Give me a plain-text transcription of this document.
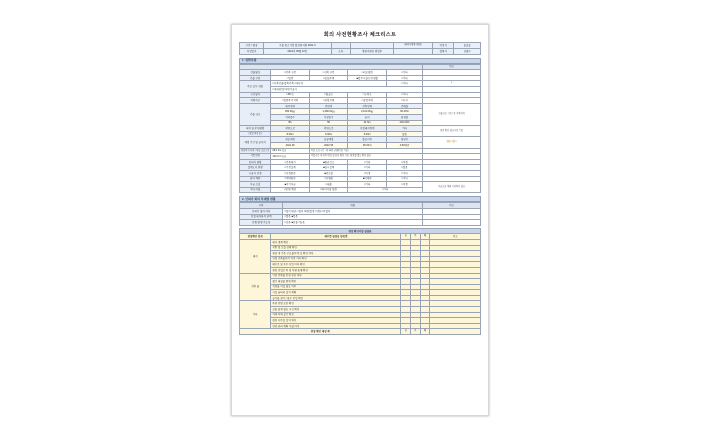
회의 사전현황조사 체크리스트
구분 / 명칭	수출 중소기업 활성화지원 2021-3			대외비/경영지원팀	작성자	홍길동
작성일자	2021년 05월 10일	소속	경영지원팀 영업부		결재자	김철수
1. 일반사항
					비고
건물명칭	□건축 구분	□신축 구분	□리모델링	□기타	
건물 구분	□일반	□공동주택	■업무시설/근린생활	□기타	
주요 공사 내용	□신축건물/증축건축 □대수선			□기타	2
	□내외장/설비/전기공사				
구조형식	□RC조	□철골조	□조적조	□기타	
지역지구	□일반주거지역	□상업지역	□공업지역	□녹지	
건물 규모	대지면적	연면적	건축면적	건폐율	건물규모 기준 1층 건축면적
	450.00㎡	1,280.00㎡	2,100.00㎡	60.00%	
	지하층수	지상층수	높이	용적률	
	B1	5F	21.5m	240.00%	
대지 및 주변현황	전면도로	측면도로	인접대지경계	기타	현장 확인 필요사항 기입
(진입 여건 등)	8.00m	6.00m	3.00m	없음	
예정 기간 및 공사비	착공예정	준공예정	총공사비	평당가	검토 1항 1
	2021.06	2022.05	35.00억	4.50백만	
현장까지 거리 / 이동 소요시간	28.0 km (도)	이동 소요시간 : 약 40분 (차량기준 기준)			
작업 반경	120.0 m (도)	작업구간 내 장비 반입 및 동선 확인 기준, 현장별 별도 확인 필요			
인허가 현황	□건축허가	■완료신고	□기타	□미정	
설계도서 현황	□기본설계	■실시설계	□기타	□없음	
시공사 선정	□선정완료	■검토중	□미정	□기타	
감리 계약	□계약완료	□진행중	■미계약	□기타	
자금 조달	■자기자금	□대출	□기타	□미정	자금조달 계획 사전확인 필요
기타 사항	□민원 예상	□특이사항 없음	□기타		
2. 인허가 회의 부대별 현황
구분	내용	비고
인허가 협의 여부	□협의 완료 □협의 예정(일정 미정) □미협의	
인접 대지와의 관계	□없음 ■있음	
민원 발생 가능성	□낮음 ■보통 □높음	
현장 확인사항 점검표					
현장확인 항목	세부별 점검용 항목별	유	무	해	비고
대지	대지 경계 확인				
	지반 및 토질 상태 확인				
	현장 내 기존 구조물/수목 등 확인 여부				
	인접 건축물과의 이격 거리 확인				
	배수로 및 우수 유입 여부 확인				
	현장 진입로 폭 및 차량 통행 확인				
건축 물	기존 건축물 안전 진단 여부				
	철거 대상물 범위 확인				
	지장물 이설 필요 여부				
	가설 울타리 설치 계획				
	공사용 전기 / 용수 인입 확인				
기타	주변 민원 요인 확인				
	교통 통제 필요 구간 확인				
	자재 야적 공간 확보				
	현장 사무실 설치 위치				
	안전 관리 계획 수립 여부				
현장 확인 대상 계		유	무	해	
